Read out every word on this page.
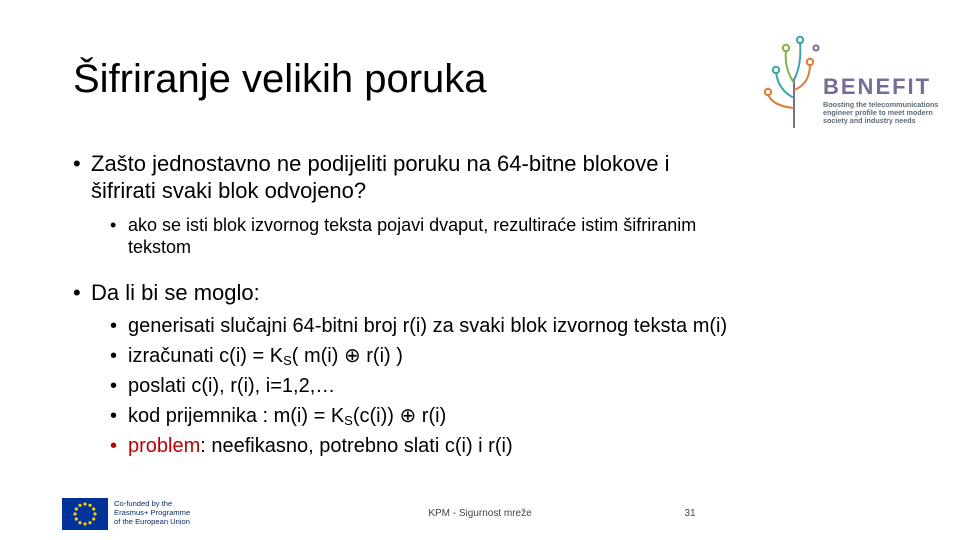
Šifriranje velikih poruka	BENEFIT
Boosting the telecommunications engineer profile to meet modern society and industry needs
• Zašto jednostavno ne podijeliti poruku na 64-bitne blokove i
šifrirati svaki blok odvojeno?
• ako se isti blok izvornog teksta pojavi dvaput, rezultiraće istim šifriranim
tekstom
• Da li bi se moglo:
• generisati slučajni 64-bitni broj r(i) za svaki blok izvornog teksta m(i)
• izračunati $c(i) = K_S$( m(i) ⊕ r(i) )
• poslati c(i), r(i), i=1,2,…
• kod prijemnika : $m(i) = K_S(c(i))$ ⊕ r(i)
• problem: neefikasno, potrebno slati c(i) i r(i)
Co-funded by the
Erasmus+ Programme
of the European Union
KPM - Sigurnost mreže	31
